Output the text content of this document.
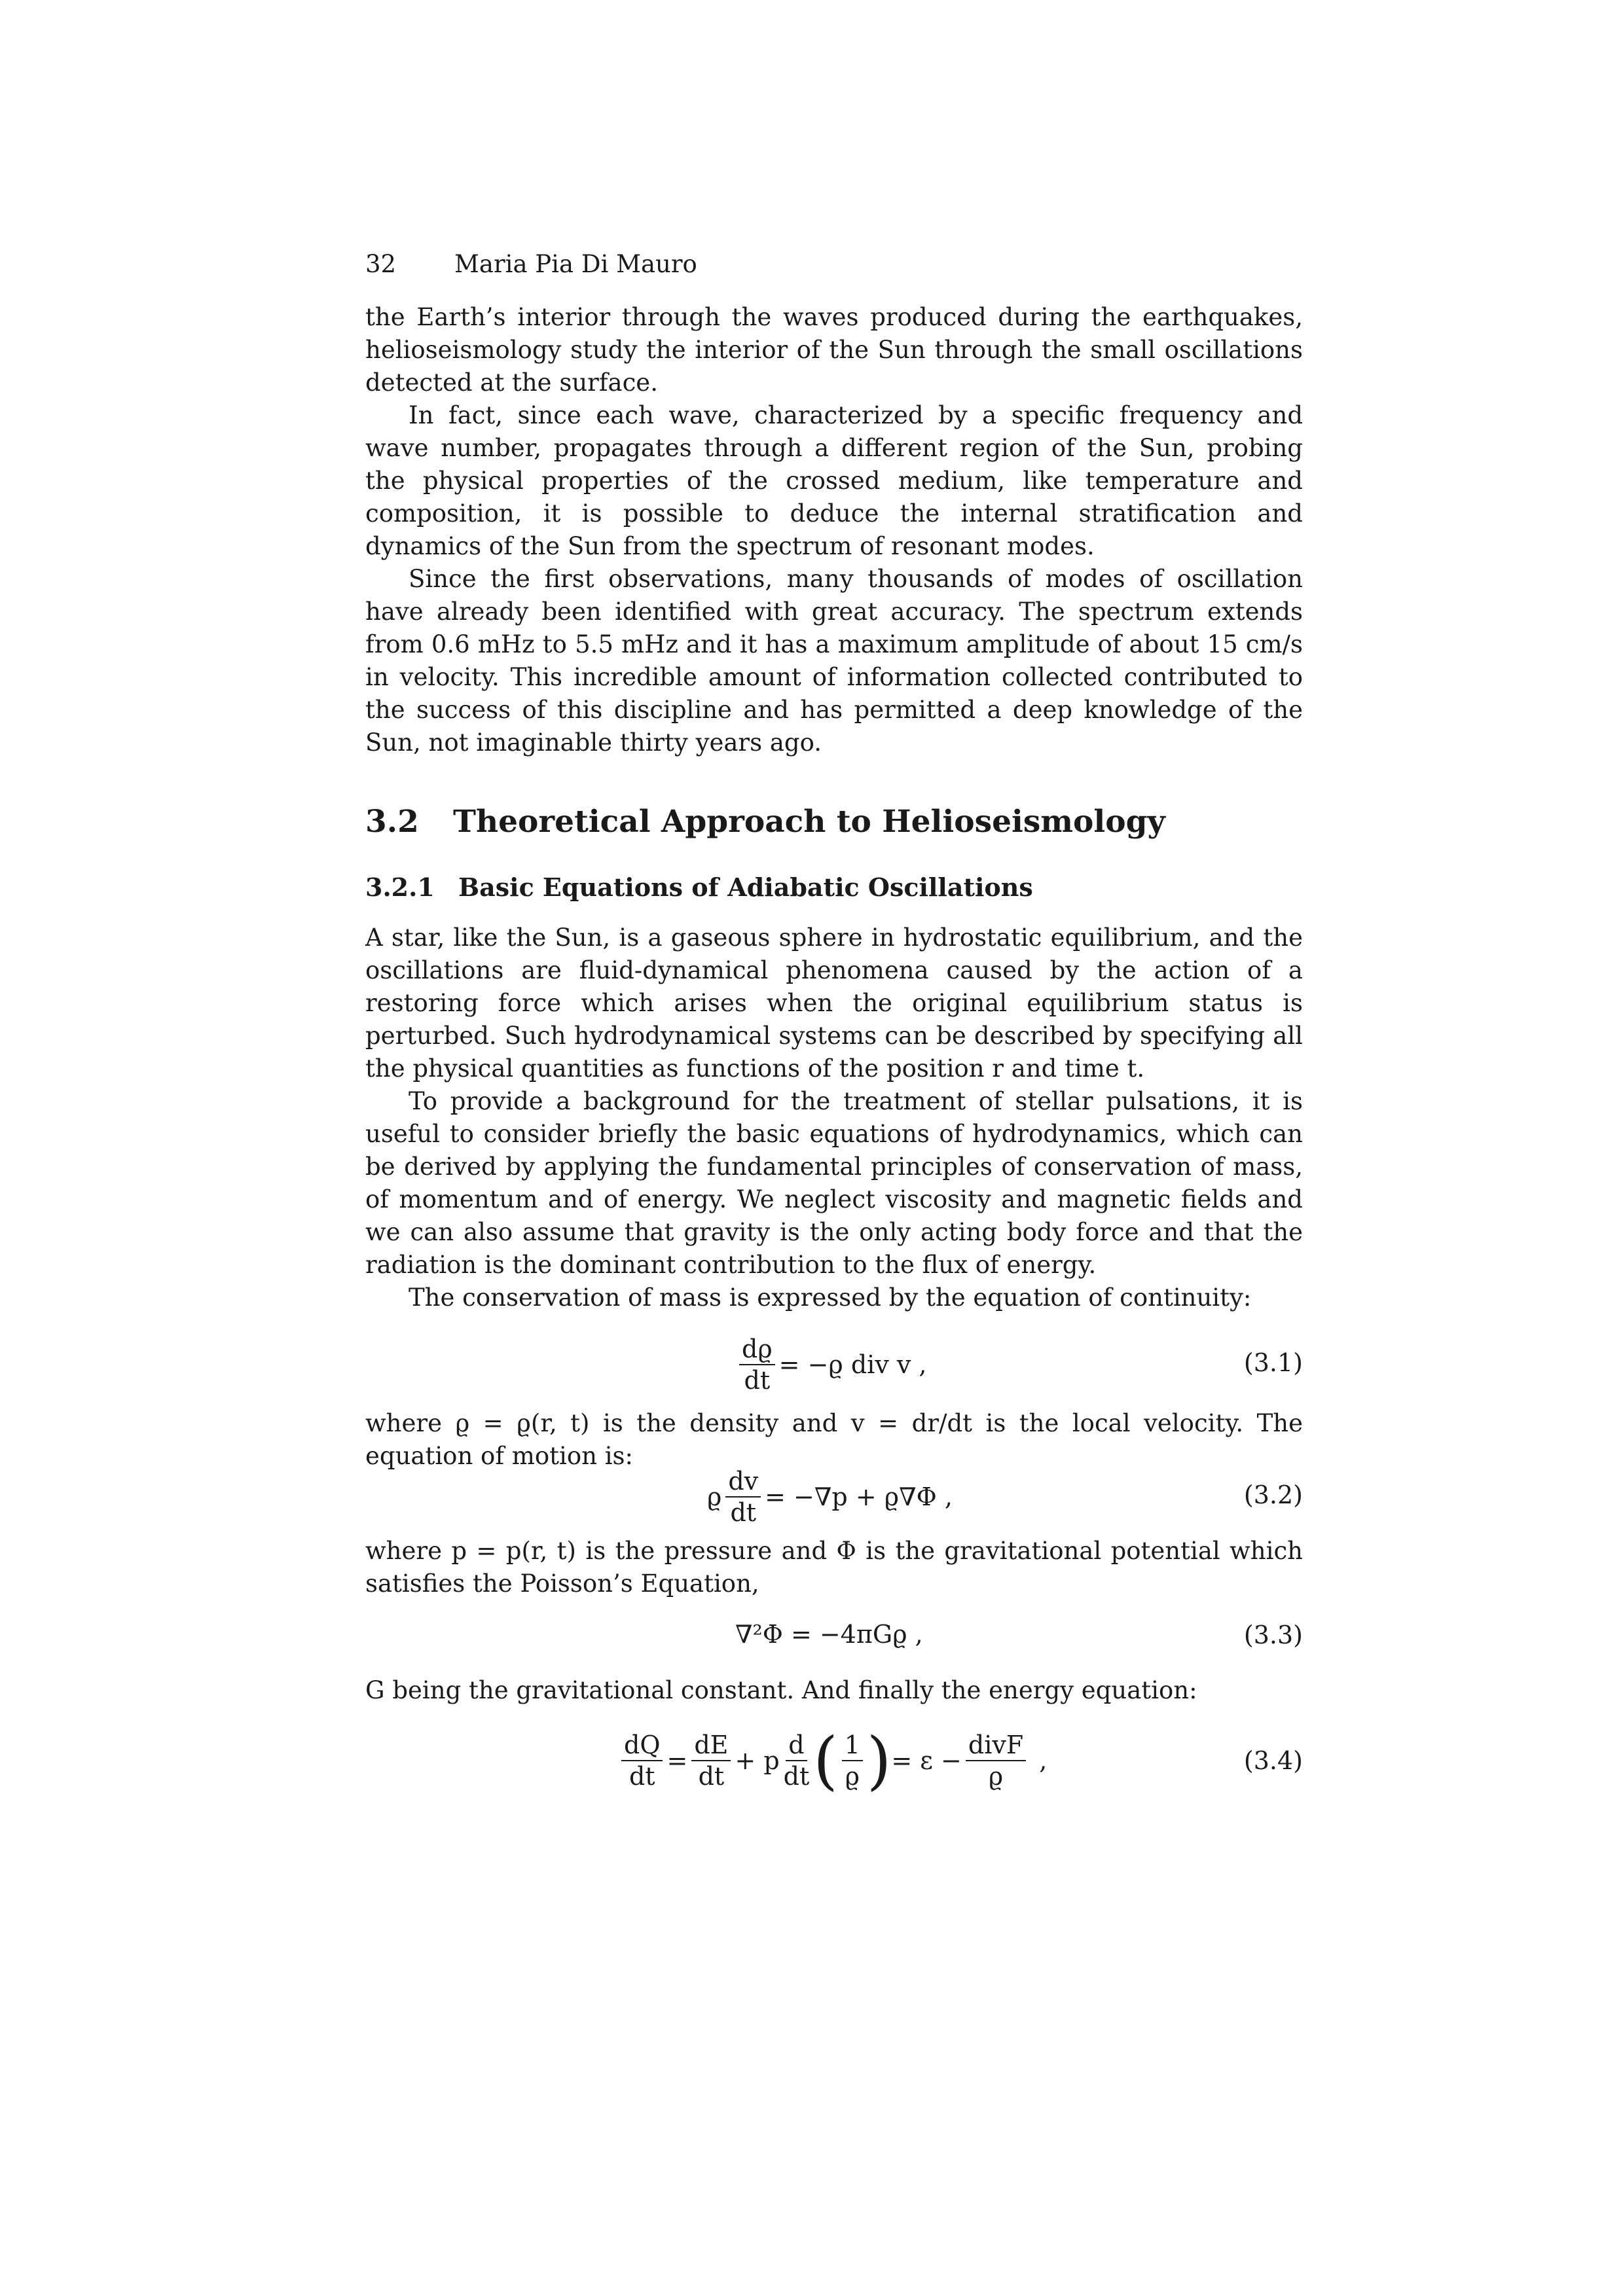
32 Maria Pia Di Mauro

the Earth’s interior through the waves produced during the earthquakes, helioseismology study the interior of the Sun through the small oscillations detected at the surface.

In fact, since each wave, characterized by a specific frequency and wave number, propagates through a different region of the Sun, probing the physical properties of the crossed medium, like temperature and composition, it is possible to deduce the internal stratification and dynamics of the Sun from the spectrum of resonant modes.

Since the first observations, many thousands of modes of oscillation have already been identified with great accuracy. The spectrum extends from 0.6 mHz to 5.5 mHz and it has a maximum amplitude of about 15 cm/s in velocity. This incredible amount of information collected contributed to the success of this discipline and has permitted a deep knowledge of the Sun, not imaginable thirty years ago.

3.2 Theoretical Approach to Helioseismology
3.2.1 Basic Equations of Adiabatic Oscillations

A star, like the Sun, is a gaseous sphere in hydrostatic equilibrium, and the oscillations are fluid-dynamical phenomena caused by the action of a restoring force which arises when the original equilibrium status is perturbed. Such hydrodynamical systems can be described by specifying all the physical quantities as functions of the position r and time t.

To provide a background for the treatment of stellar pulsations, it is useful to consider briefly the basic equations of hydrodynamics, which can be derived by applying the fundamental principles of conservation of mass, of momentum and of energy. We neglect viscosity and magnetic fields and we can also assume that gravity is the only acting body force and that the radiation is the dominant contribution to the flux of energy.

The conservation of mass is expressed by the equation of continuity:

$\frac{dϱ}{dt} = -ϱ$ div v ,	(3.1)

where ϱ = ϱ(r, t) is the density and v = dr/dt is the local velocity. The equation of motion is:

ϱ $\frac{dv}{dt} = -\nabla p + ϱ\nabla\Phi$ ,	(3.2)

where p = p(r, t) is the pressure and Φ is the gravitational potential which satisfies the Poisson’s Equation,

∇²Φ = −4πGϱ ,	(3.3)

G being the gravitational constant. And finally the energy equation:

$\frac{dQ}{dt} = \frac{dE}{dt} + p \frac{d}{dt}$ ( $\frac{1}{ϱ}$ ) = $\varepsilon - \frac{\text{divF}}{ϱ}$ ,	(3.4)
